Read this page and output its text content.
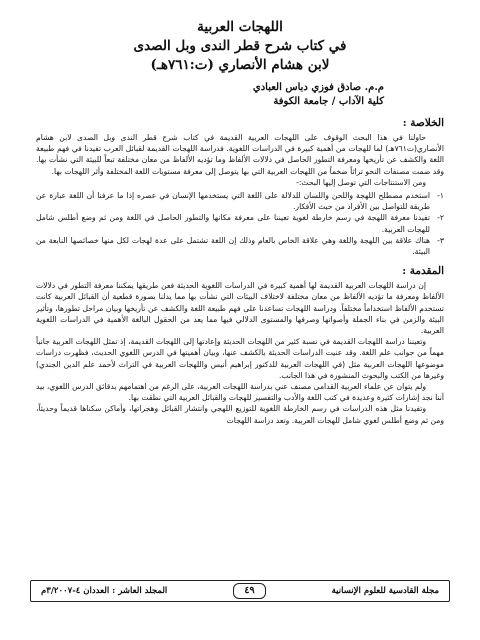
اللهجات العربية

في كتاب شرح قطر الندى وبل الصدى

لابن هشام الأنصاري (ت:٧٦١هـ)

م.م. صادق فوزي دباس العبادي

كلية الآداب / جامعة الكوفة

الخلاصة :

حاولنا في هذا البحث الوقوف على اللهجات العربية القديمة في كتاب شرح قطر الندى وبل الصدى لابن هشام الأنصاري(ت٧٦١هـ) لما للهجات من أهمية كبيرة في الدراسات اللغوية. فدراسة اللهجات القديمة لقبائل العرب تفيدنا في فهم طبيعة اللغة والكشف عن تأريخها ومعرفة التطور الحاصل في دلالات الألفاظ وما تؤديه الألفاظ من معان مختلفة تبعاً للبيئة التي نشأت بها. وقد ضمت مصنفات النحو تراثاً ضخماً من اللهجات العربية التي بها يتوصل إلى معرفة مستويات اللغة المختلفة وأثر اللهجات بها.

ومن الاستنتاجات التي توصل إليها البحث:-

١-
استخدم مصطلح اللهجة واللحن واللسان للدلالة على اللغة التي يستخدمها الإنسان في عصره إذا ما عرفنا أن اللغة عبارة عن طريقة للتواصل بين الأفراد من حيث الأفكار.
٢-
تفيدنا معرفة اللهجة في رسم خارطة لغوية تعيننا على معرفة مكانها والتطور الحاصل في اللغة ومن ثم وضع أطلس شامل للهجات العربية.
٣-
هناك علاقة بين اللهجة واللغة وهي علاقة الخاص بالعام وذلك إن اللغة تشتمل على عدة لهجات لكل منها خصائصها النابعة من البيئة.

المقدمة :

إن دراسة اللهجات العربية القديمة لها أهمية كبيرة في الدراسات اللغوية الحديثة فعن طريقها يمكننا معرفة التطور في دلالات الألفاظ ومعرفة ما تؤديه الألفاظ من معان مختلفة لاختلاف البيئات التي نشأت بها مما يدلنا بصورة قطعية أن القبائل العربية كانت تستخدم الألفاظ استخداماً مختلفاً. ودراسة اللهجات تساعدنا على فهم طبيعة اللغة والكشف عن تأريخها وبيان مراحل تطورها، وتأثير البيئة والزمن في بناء الجملة وأصواتها وصرفها والمستوى الدلالي فيها مما يعد من الحقول البالغة الأهمية في الدراسات اللغوية العربية.

وتعيننا دراسة اللهجات القديمة في نسبة كثير من اللهجات الحديثة وإعادتها إلى اللهجات القديمة، إذ تمثل اللهجات العربية جانباً مهماً من جوانب علم اللغة. وقد عنيت الدراسات الحديثة بالكشف عنها، وبيان أهميتها في الدرس اللغوي الحديث، فظهرت دراسات موضوعها اللهجات العربية مثل (في اللهجات العربية للدكتور إبراهيم أنيس واللهجات العربية في التراث لأحمد علم الدين الجندي) وغيرها من الكتب والبحوث المنشورة في هذا الجانب.

ولم يتوان عن علماء العربية القدامى مصنف عني بدراسة اللهجات العربية، على الرغم من اهتمامهم بدقائق الدرس اللغوي، بيد أننا نجد إشارات كثيرة وعديدة في كتب اللغة والأدب والتفسير للهجات والقبائل العربية التي نطقت بها.

وتفيدنا مثل هذه الدراسات في رسم الخارطة اللغوية للتوزيع اللهجي وانتشار القبائل وهجراتها، وأماكن سكناها قديماً وحديثاً، ومن ثم وضع أطلس لغوي شامل للهجات العربية. وتعد دراسة اللهجات

مجلة القادسية للعلوم الإنسانية
٤٩
المجلد العاشر : العددان ٤-٣/٢٠٠٧م
